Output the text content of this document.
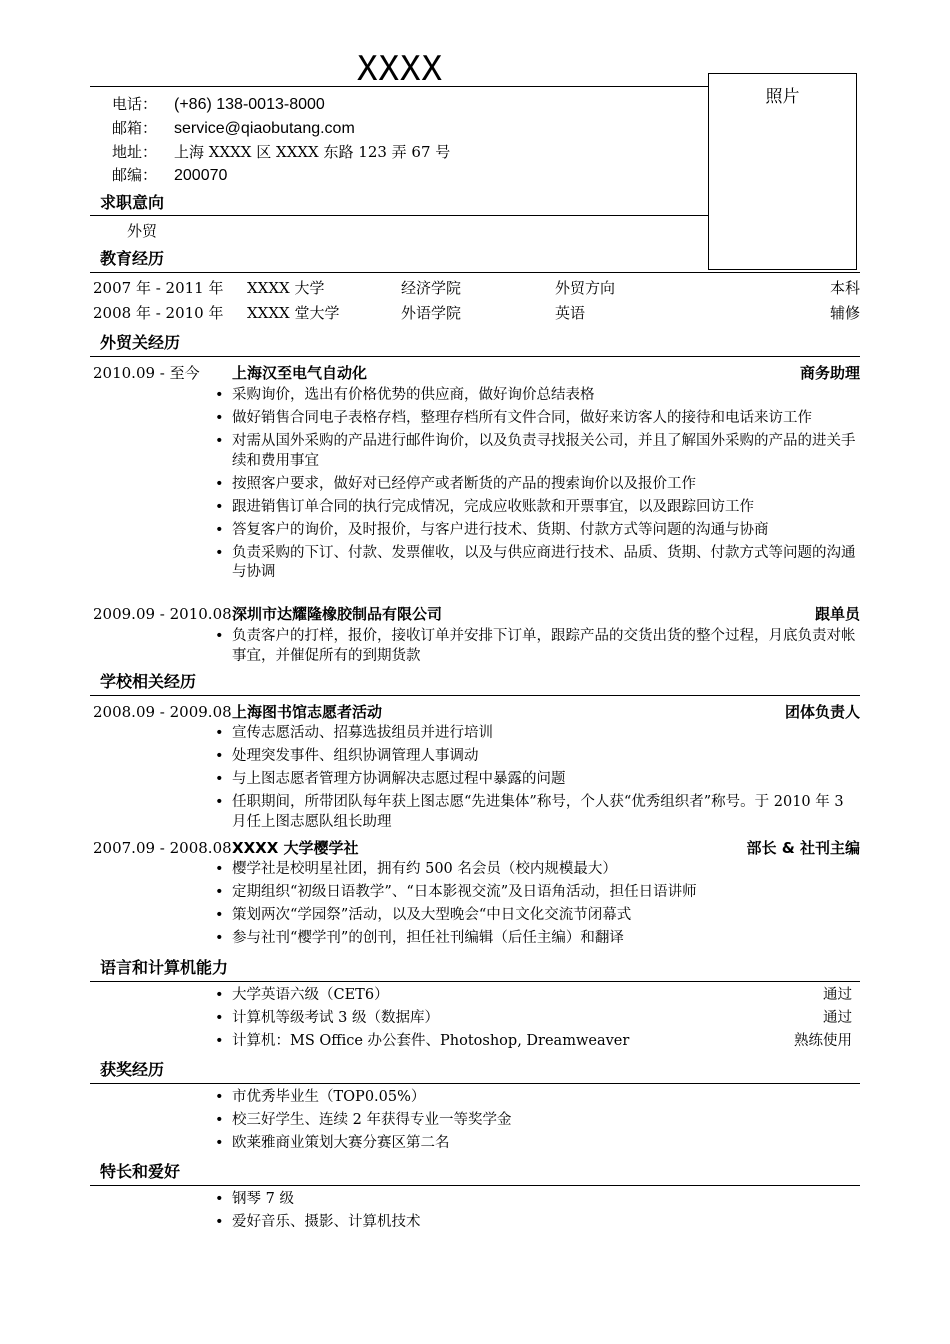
XXXX
照片
电话： (+86) 138-0013-8000
邮箱： service@qiaobutang.com
地址： 上海 XXXX 区 XXXX 东路 123 弄 67 号
邮编： 200070
求职意向
外贸
教育经历
2007 年 - 2011 年 XXXX 大学	经济学院	外贸方向	本科
2008 年 - 2010 年 XXXX 堂大学	外语学院	英语	辅修
外贸关经历
2010.09 - 至今 上海汉至电气自动化	商务助理
• 采购询价，选出有价格优势的供应商，做好询价总结表格
• 做好销售合同电子表格存档，整理存档所有文件合同，做好来访客人的接待和电话来访工作
• 对需从国外采购的产品进行邮件询价，以及负责寻找报关公司，并且了解国外采购的产品的进关手续和费用事宜
• 按照客户要求，做好对已经停产或者断货的产品的搜索询价以及报价工作
• 跟进销售订单合同的执行完成情况，完成应收账款和开票事宜，以及跟踪回访工作
• 答复客户的询价，及时报价，与客户进行技术、货期、付款方式等问题的沟通与协商
• 负责采购的下订、付款、发票催收，以及与供应商进行技术、品质、货期、付款方式等问题的沟通与协调
2009.09 - 2010.08 深圳市达耀隆橡胶制品有限公司	跟单员
• 负责客户的打样，报价，接收订单并安排下订单，跟踪产品的交货出货的整个过程，月底负责对帐事宜，并催促所有的到期货款
学校相关经历
2008.09 - 2009.08 上海图书馆志愿者活动	团体负责人
• 宣传志愿活动、招募选拔组员并进行培训
• 处理突发事件、组织协调管理人事调动
• 与上图志愿者管理方协调解决志愿过程中暴露的问题
• 任职期间，所带团队每年获上图志愿“先进集体”称号，个人获“优秀组织者”称号。于 2010 年 3 月任上图志愿队组长助理
2007.09 - 2008.08 XXXX 大学樱学社	部长 & 社刊主编
• 樱学社是校明星社团，拥有约 500 名会员（校内规模最大）
• 定期组织“初级日语教学”、“日本影视交流”及日语角活动，担任日语讲师
• 策划两次“学园祭”活动，以及大型晚会“中日文化交流节闭幕式
• 参与社刊“樱学刊”的创刊，担任社刊编辑（后任主编）和翻译
语言和计算机能力
• 大学英语六级（CET6）	通过
• 计算机等级考试 3 级（数据库）	通过
• 计算机：MS Office 办公套件、Photoshop, Dreamweaver	熟练使用
获奖经历
• 市优秀毕业生（TOP0.05%）
• 校三好学生、连续 2 年获得专业一等奖学金
• 欧莱雅商业策划大赛分赛区第二名
特长和爱好
• 钢琴 7 级
• 爱好音乐、摄影、计算机技术
